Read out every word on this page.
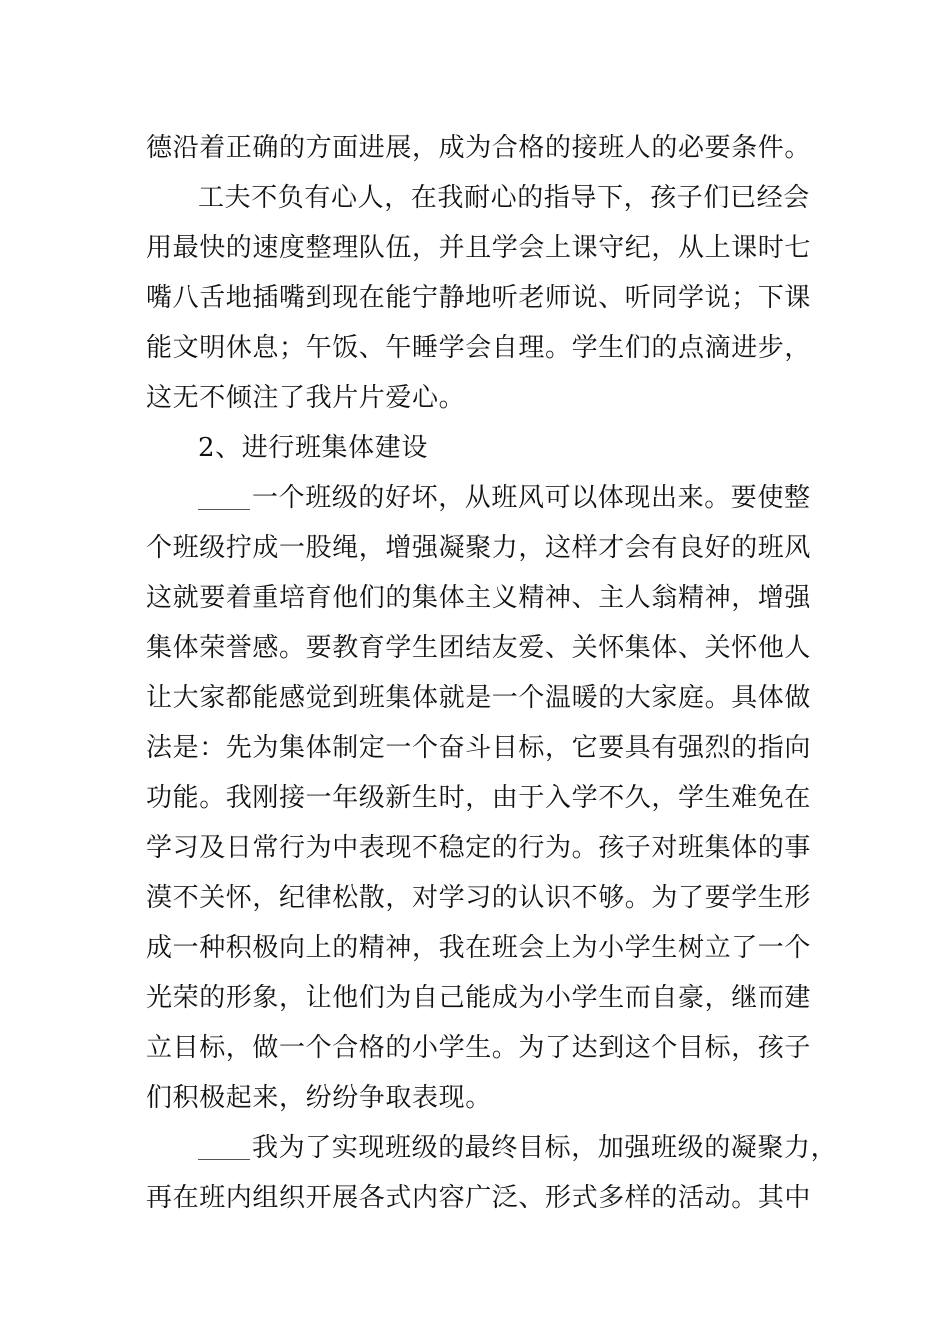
德沿着正确的方面进展，成为合格的接班人的必要条件。
工夫不负有心人，在我耐心的指导下，孩子们已经会
用最快的速度整理队伍，并且学会上课守纪，从上课时七
嘴八舌地插嘴到现在能宁静地听老师说、听同学说；下课
能文明休息；午饭、午睡学会自理。学生们的点滴进步，
这无不倾注了我片片爱心。
2、进行班集体建设
一个班级的好坏，从班风可以体现出来。要使整
个班级拧成一股绳，增强凝聚力，这样才会有良好的班风
这就要着重培育他们的集体主义精神、主人翁精神，增强
集体荣誉感。要教育学生团结友爱、关怀集体、关怀他人
让大家都能感觉到班集体就是一个温暖的大家庭。具体做
法是：先为集体制定一个奋斗目标，它要具有强烈的指向
功能。我刚接一年级新生时，由于入学不久，学生难免在
学习及日常行为中表现不稳定的行为。孩子对班集体的事
漠不关怀，纪律松散，对学习的认识不够。为了要学生形
成一种积极向上的精神，我在班会上为小学生树立了一个
光荣的形象，让他们为自己能成为小学生而自豪，继而建
立目标，做一个合格的小学生。为了达到这个目标，孩子
们积极起来，纷纷争取表现。
我为了实现班级的最终目标，加强班级的凝聚力，
再在班内组织开展各式内容广泛、形式多样的活动。其中
